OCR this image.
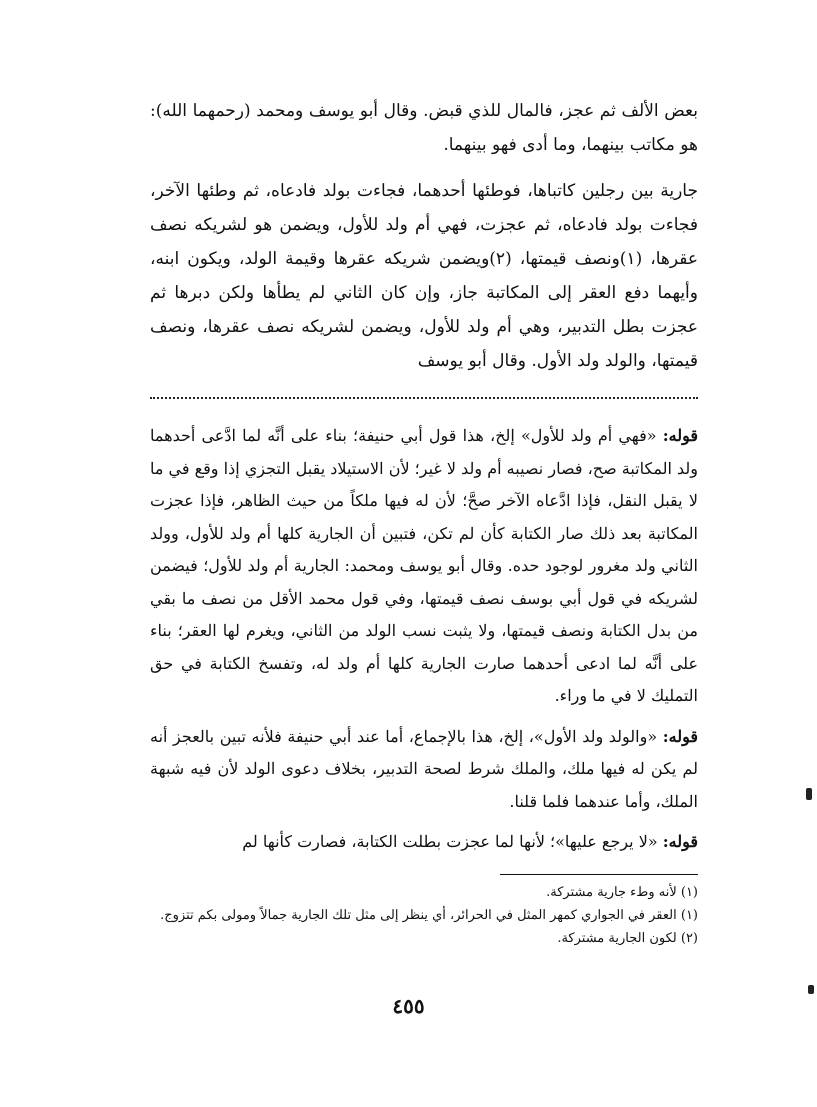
بعض الألف ثم عجز، فالمال للذي قبض. وقال أبو يوسف ومحمد (رحمهما الله): هو مكاتب بينهما، وما أدى فهو بينهما.

جارية بين رجلين كاتباها، فوطئها أحدهما، فجاءت بولد فادعاه، ثم وطئها الآخر، فجاءت بولد فادعاه، ثم عجزت، فهي أم ولد للأول، ويضمن هو لشريكه نصف عقرها، (١)ونصف قيمتها، (٢)ويضمن شريكه عقرها وقيمة الولد، ويكون ابنه، وأيهما دفع العقر إلى المكاتبة جاز، وإن كان الثاني لم يطأها ولكن دبرها ثم عجزت بطل التدبير، وهي أم ولد للأول، ويضمن لشريكه نصف عقرها، ونصف قيمتها، والولد ولد الأول. وقال أبو يوسف

قوله: «فهي أم ولد للأول» إلخ، هذا قول أبي حنيفة؛ بناء على أنَّه لما ادَّعى أحدهما ولد المكاتبة صح، فصار نصيبه أم ولد لا غير؛ لأن الاستيلاد يقبل التجزي إذا وقع في ما لا يقبل النقل، فإذا ادَّعاه الآخر صحَّ؛ لأن له فيها ملكاً من حيث الظاهر، فإذا عجزت المكاتبة بعد ذلك صار الكتابة كأن لم تكن، فتبين أن الجارية كلها أم ولد للأول، وولد الثاني ولد مغرور لوجود حده. وقال أبو يوسف ومحمد: الجارية أم ولد للأول؛ فيضمن لشريكه في قول أبي بوسف نصف قيمتها، وفي قول محمد الأقل من نصف ما بقي من بدل الكتابة ونصف قيمتها، ولا يثبت نسب الولد من الثاني، ويغرم لها العقر؛ بناء على أنَّه لما ادعى أحدهما صارت الجارية كلها أم ولد له، وتفسخ الكتابة في حق التمليك لا في ما وراء.

قوله: «والولد ولد الأول»، إلخ، هذا بالإجماع، أما عند أبي حنيفة فلأنه تبين بالعجز أنه لم يكن له فيها ملك، والملك شرط لصحة التدبير، بخلاف دعوى الولد لأن فيه شبهة الملك، وأما عندهما فلما قلنا.

قوله: «لا يرجع عليها»؛ لأنها لما عجزت بطلت الكتابة، فصارت كأنها لم

(١) لأنه وطء جارية مشتركة.

(١) العقر في الجواري كمهر المثل في الحرائر، أي ينظر إلى مثل تلك الجارية جمالاً ومولى بكم تتزوج.

(٢) لكون الجارية مشتركة.

٤٥٥
